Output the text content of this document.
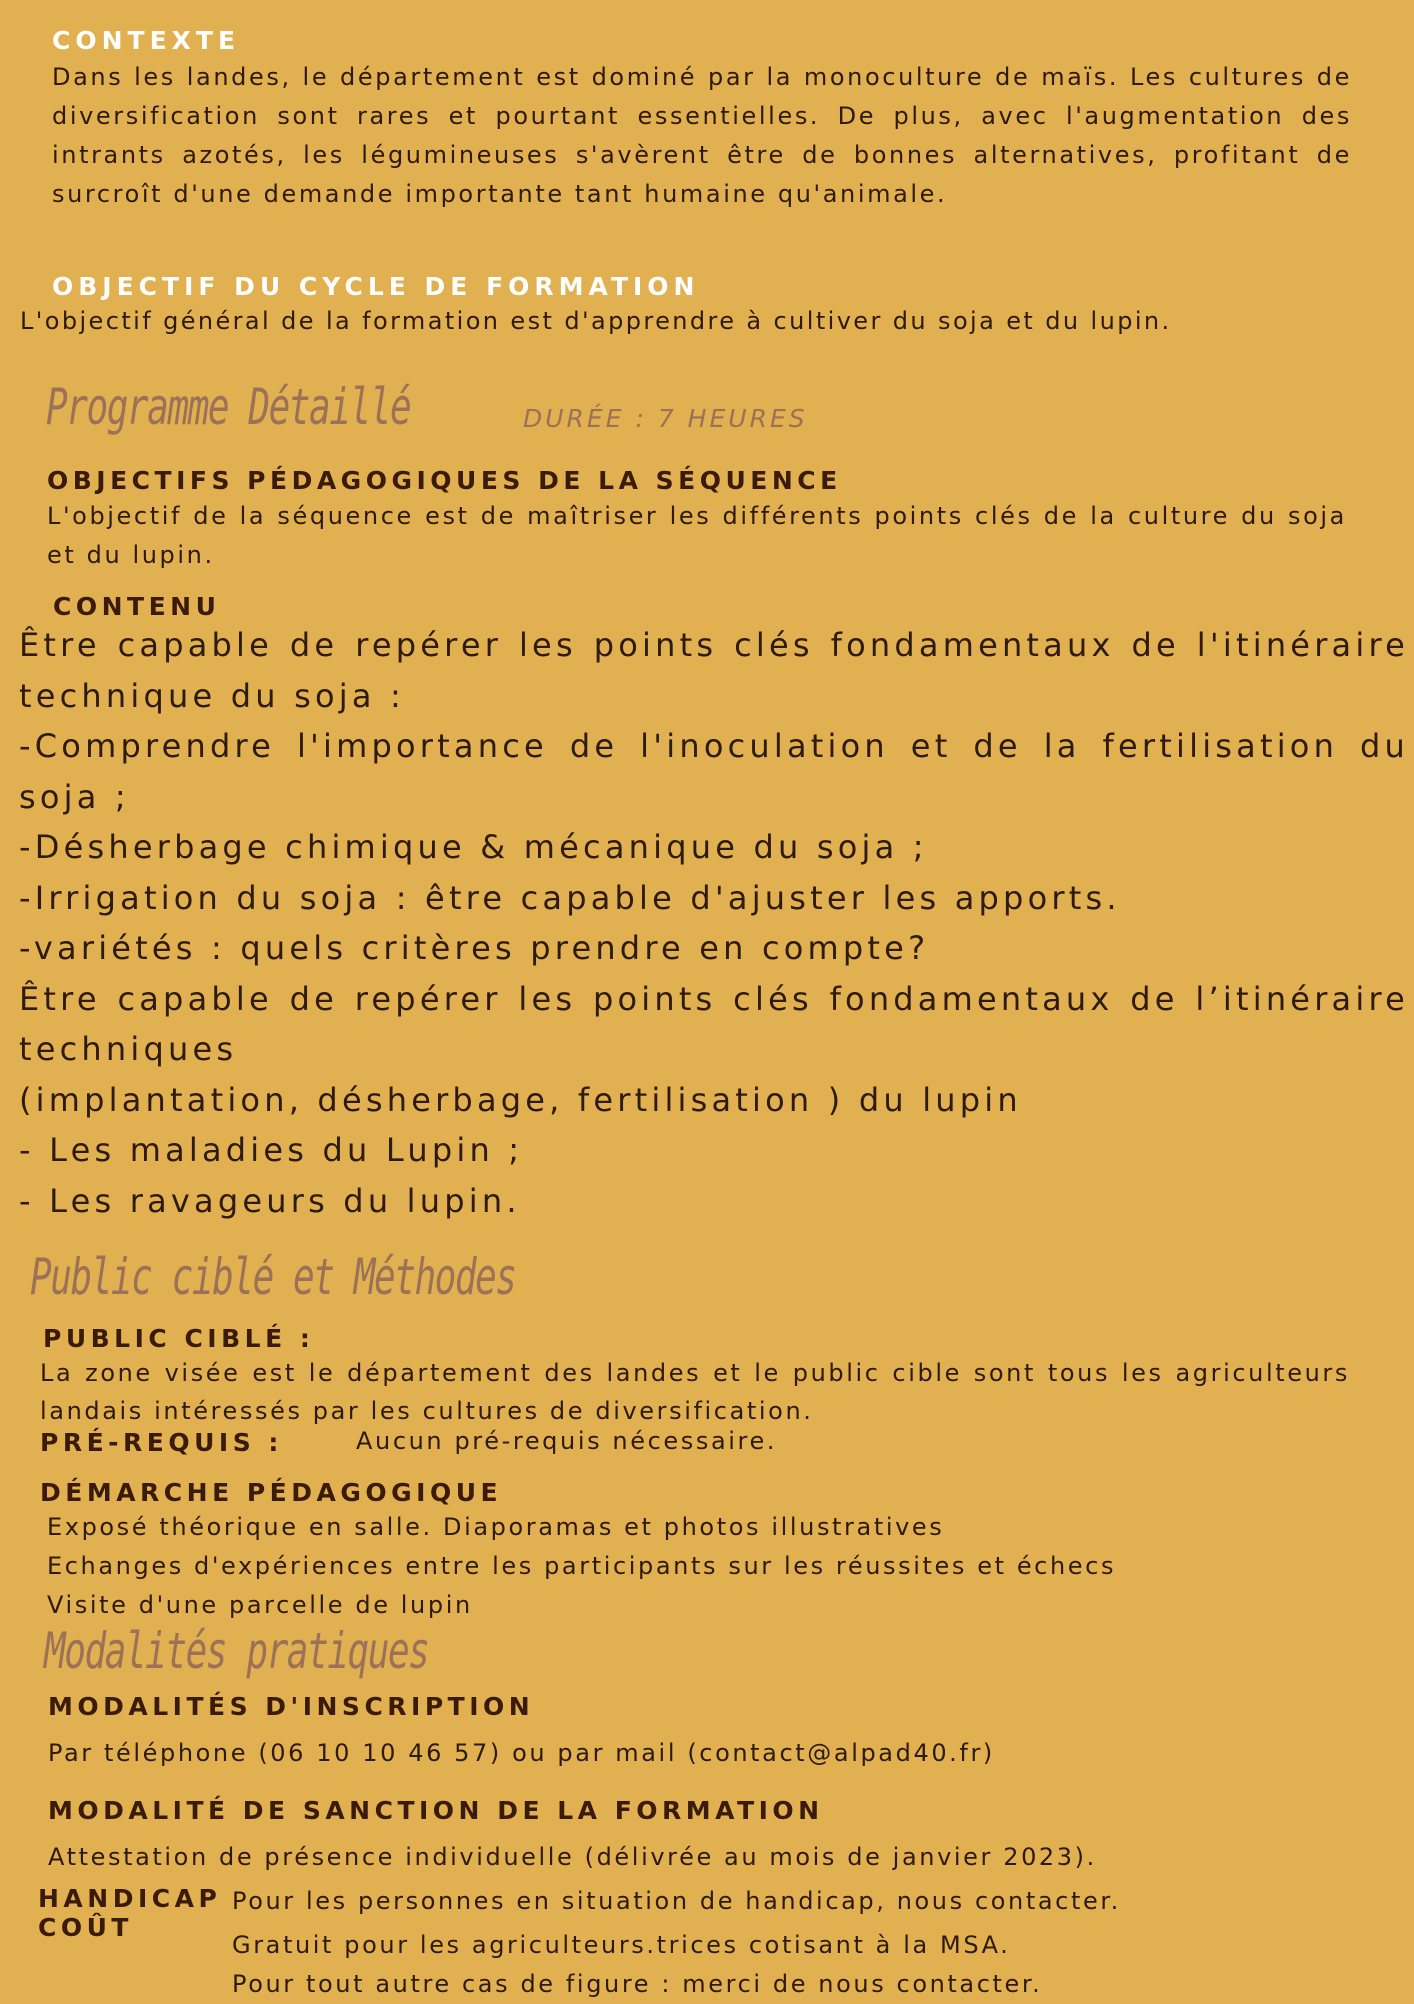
CONTEXTE
Dans les landes, le département est dominé par la monoculture de maïs. Les cultures de diversification sont rares et pourtant essentielles. De plus, avec l'augmentation des intrants azotés, les légumineuses s'avèrent être de bonnes alternatives, profitant de surcroît d'une demande importante tant humaine qu'animale.
OBJECTIF DU CYCLE DE FORMATION
L'objectif général de la formation est d'apprendre à cultiver du soja et du lupin.
Programme Détaillé	DURÉE : 7 HEURES
OBJECTIFS PÉDAGOGIQUES DE LA SÉQUENCE
L'objectif de la séquence est de maîtriser les différents points clés de la culture du soja et du lupin.
CONTENU

Être capable de repérer les points clés fondamentaux de l'itinéraire technique du soja :

-Comprendre l'importance de l'inoculation et de la fertilisation du soja ;

-Désherbage chimique & mécanique du soja ;

-Irrigation du soja : être capable d'ajuster les apports.

-variétés : quels critères prendre en compte?

Être capable de repérer les points clés fondamentaux de l’itinéraire techniques

(implantation, désherbage, fertilisation ) du lupin

- Les maladies du Lupin ;

- Les ravageurs du lupin.

Public ciblé et Méthodes
PUBLIC CIBLÉ :
La zone visée est le département des landes et le public cible sont tous les agriculteurs landais intéressés par les cultures de diversification.
PRÉ-REQUIS :	Aucun pré-requis nécessaire.
DÉMARCHE PÉDAGOGIQUE
Exposé théorique en salle. Diaporamas et photos illustratives
Echanges d'expériences entre les participants sur les réussites et échecs
Visite d'une parcelle de lupin
Modalités pratiques
MODALITÉS D'INSCRIPTION
Par téléphone (06 10 10 46 57) ou par mail (contact@alpad40.fr)
MODALITÉ DE SANCTION DE LA FORMATION
Attestation de présence individuelle (délivrée au mois de janvier 2023).
HANDICAP Pour les personnes en situation de handicap, nous contacter.
COÛT
Gratuit pour les agriculteurs.trices cotisant à la MSA.
Pour tout autre cas de figure : merci de nous contacter.
